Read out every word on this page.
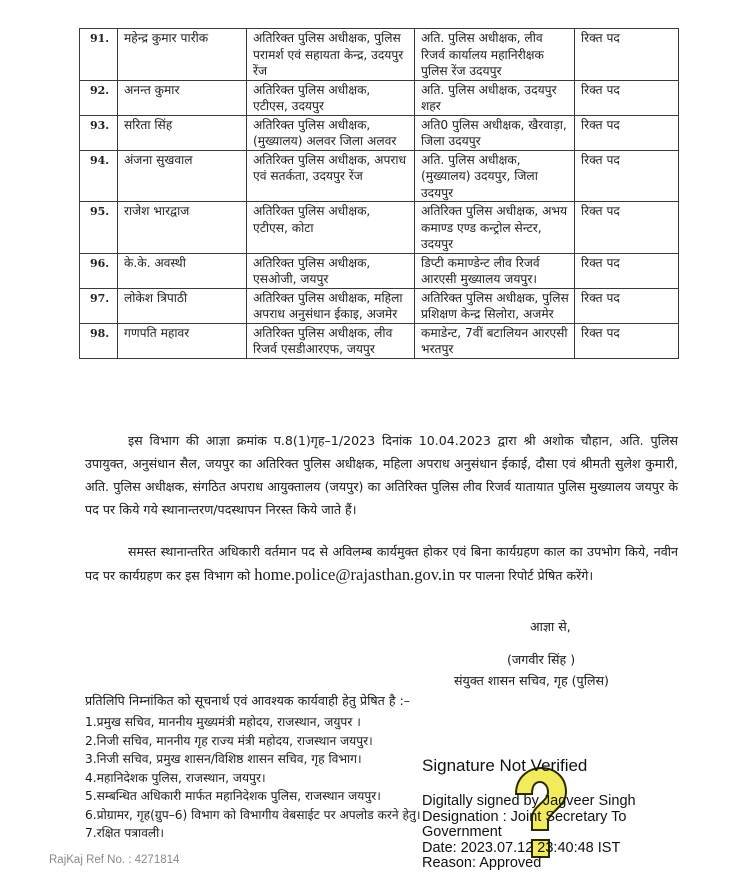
91.	महेन्द्र कुमार पारीक	अतिरिक्त पुलिस अधीक्षक, पुलिस परामर्श एवं सहायता केन्द्र, उदयपुर रेंज	अति. पुलिस अधीक्षक, लीव रिजर्व कार्यालय महानिरीक्षक पुलिस रेंज उदयपुर	रिक्त पद
92.	अनन्त कुमार	अतिरिक्त पुलिस अधीक्षक, एटीएस, उदयपुर	अति. पुलिस अधीक्षक, उदयपुर शहर	रिक्त पद
93.	सरिता सिंह	अतिरिक्त पुलिस अधीक्षक, (मुख्यालय) अलवर जिला अलवर	अति0 पुलिस अधीक्षक, खैरवाड़ा, जिला उदयपुर	रिक्त पद
94.	अंजना सुखवाल	अतिरिक्त पुलिस अधीक्षक, अपराध एवं सतर्कता, उदयपुर रेंज	अति. पुलिस अधीक्षक, (मुख्यालय) उदयपुर, जिला उदयपुर	रिक्त पद
95.	राजेश भारद्वाज	अतिरिक्त पुलिस अधीक्षक, एटीएस, कोटा	अतिरिक्त पुलिस अधीक्षक, अभय कमाण्ड एण्ड कन्ट्रोल सेन्टर, उदयपुर	रिक्त पद
96.	के.के. अवस्थी	अतिरिक्त पुलिस अधीक्षक, एसओजी, जयपुर	डिप्टी कमाण्डेन्ट लीव रिजर्व आरएसी मुख्यालय जयपुर।	रिक्त पद
97.	लोकेश त्रिपाठी	अतिरिक्त पुलिस अधीक्षक, महिला अपराध अनुसंधान ईकाइ, अजमेर	अतिरिक्त पुलिस अधीक्षक, पुलिस प्रशिक्षण केन्द्र सिलोरा, अजमेर	रिक्त पद
98.	गणपति महावर	अतिरिक्त पुलिस अधीक्षक, लीव रिजर्व एसडीआरएफ, जयपुर	कमाडेन्ट, 7वीं बटालियन आरएसी भरतपुर	रिक्त पद
इस विभाग की आज्ञा क्रमांक प.8(1)गृह–1/2023 दिनांक 10.04.2023 द्वारा श्री अशोक चौहान, अति. पुलिस उपायुक्त, अनुसंधान सैल, जयपुर का अतिरिक्त पुलिस अधीक्षक, महिला अपराध अनुसंधान ईकाई, दौसा एवं श्रीमती सुलेश कुमारी, अति. पुलिस अधीक्षक, संगठित अपराध आयुक्तालय (जयपुर) का अतिरिक्त पुलिस लीव रिजर्व यातायात पुलिस मुख्यालय जयपुर के पद पर किये गये स्थानान्तरण/पदस्थापन निरस्त किये जाते हैं।
समस्त स्थानान्तरित अधिकारी वर्तमान पद से अविलम्ब कार्यमुक्त होकर एवं बिना कार्यग्रहण काल का उपभोग किये, नवीन पद पर कार्यग्रहण कर इस विभाग को home.police@rajasthan.gov.in पर पालना रिपोर्ट प्रेषित करेंगे।
आज्ञा से,
(जगवीर सिंह )
संयुक्त शासन सचिव, गृह (पुलिस)
प्रतिलिपि निम्नांकित को सूचनार्थ एवं आवश्यक कार्यवाही हेतु प्रेषित है :–
1.प्रमुख सचिव, माननीय मुख्यमंत्री महोदय, राजस्थान, जयुपर ।
2.निजी सचिव, माननीय गृह राज्य मंत्री महोदय, राजस्थान जयपुर।
3.निजी सचिव, प्रमुख शासन/विशिष्ठ शासन सचिव, गृह विभाग।
4.महानिदेशक पुलिस, राजस्थान, जयपुर।
5.सम्बन्धित अधिकारी मार्फत महानिदेशक पुलिस, राजस्थान जयपुर।
6.प्रोग्रामर, गृह(ग्रुप–6) विभाग को विभागीय वेबसाईट पर अपलोड करने हेतु।
7.रक्षित पत्रावली।
Signature Not Verified
Digitally signed by Jagveer Singh
Designation : Joint Secretary To
Government
Date: 2023.07.12 23:40:48 IST
Reason: Approved
RajKaj Ref No. : 4271814
